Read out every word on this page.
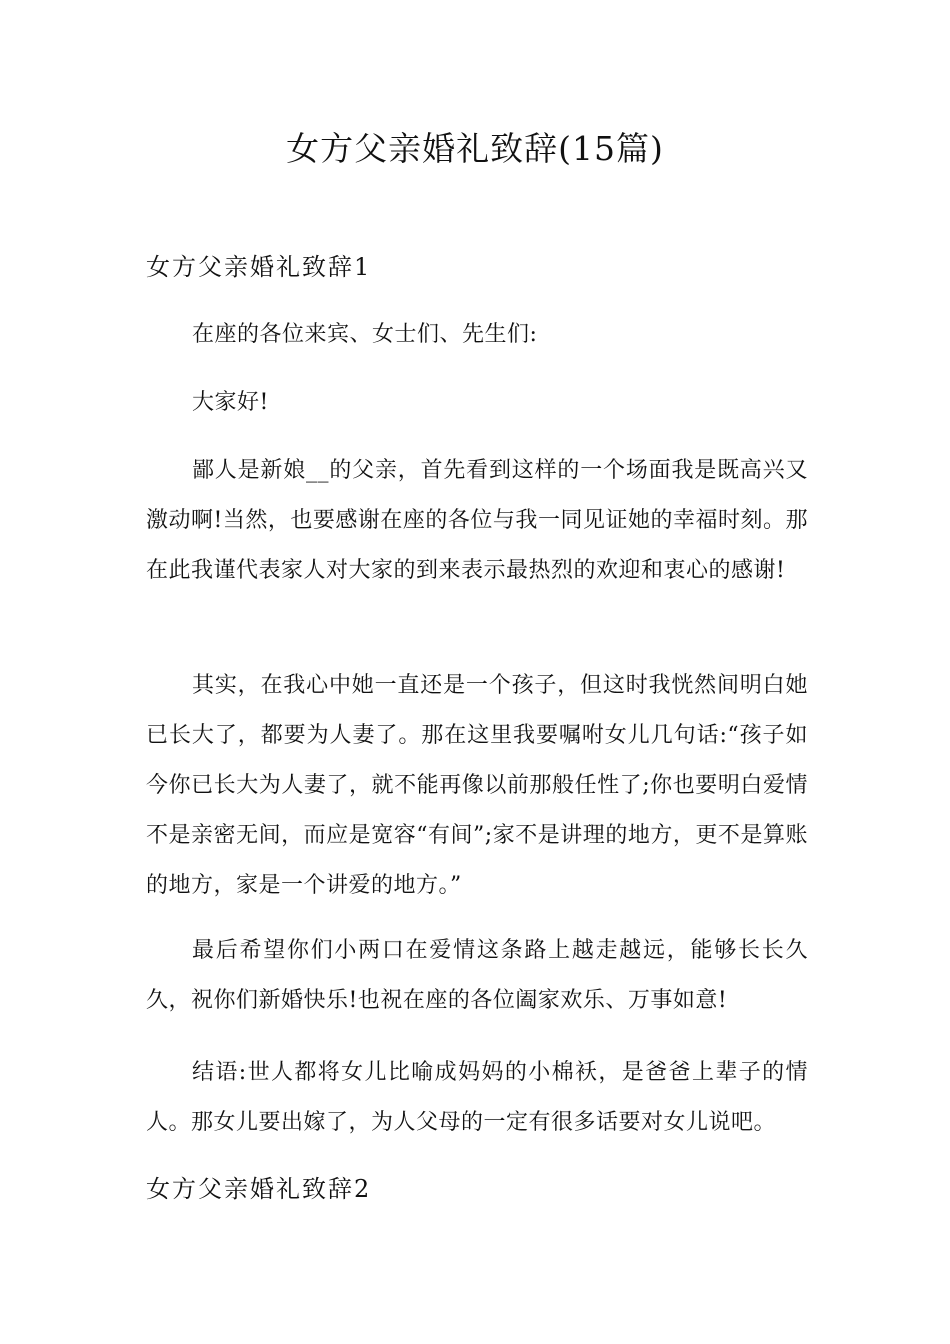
女方父亲婚礼致辞(15篇)
女方父亲婚礼致辞1
在座的各位来宾、女士们、先生们:
大家好!
鄙人是新娘__的父亲，首先看到这样的一个场面我是既高兴又激动啊!当然，也要感谢在座的各位与我一同见证她的幸福时刻。那在此我谨代表家人对大家的到来表示最热烈的欢迎和衷心的感谢!
其实，在我心中她一直还是一个孩子，但这时我恍然间明白她已长大了，都要为人妻了。那在这里我要嘱咐女儿几句话:“孩子如今你已长大为人妻了，就不能再像以前那般任性了;你也要明白爱情不是亲密无间，而应是宽容“有间”;家不是讲理的地方，更不是算账的地方，家是一个讲爱的地方。”
最后希望你们小两口在爱情这条路上越走越远，能够长长久久，祝你们新婚快乐!也祝在座的各位阖家欢乐、万事如意!
结语:世人都将女儿比喻成妈妈的小棉袄，是爸爸上辈子的情人。那女儿要出嫁了，为人父母的一定有很多话要对女儿说吧。
女方父亲婚礼致辞2
